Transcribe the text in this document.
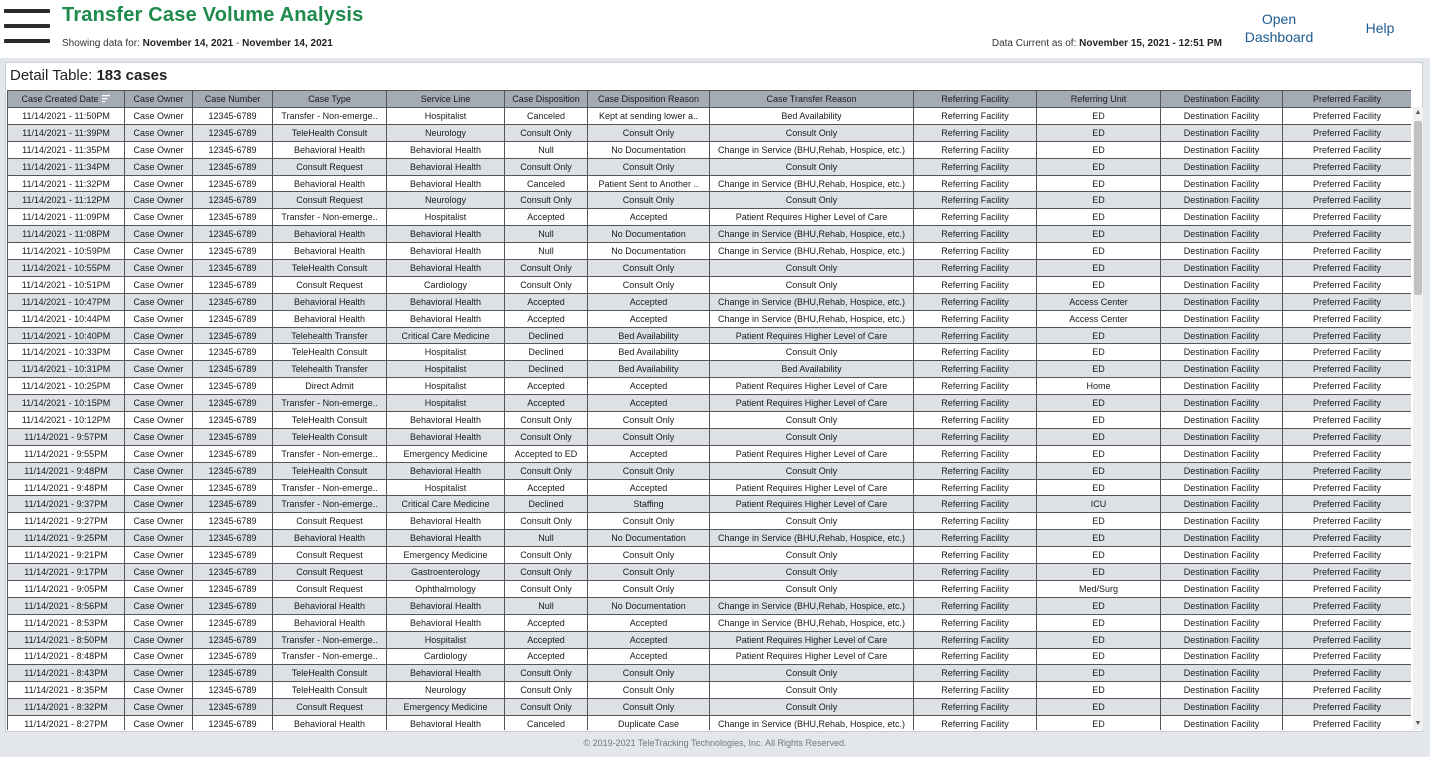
Transfer Case Volume Analysis
Showing data for: November 14, 2021 - November 14, 2021	Data Current as of: November 15, 2021 - 12:51 PM
Open
Dashboard
Help
Detail Table: 183 cases
Case Created Date	Case Owner	Case Number	Case Type	Service Line	Case Disposition	Case Disposition Reason	Case Transfer Reason	Referring Facility	Referring Unit	Destination Facility	Preferred Facility
11/14/2021 - 11:50PM	Case Owner	12345-6789	Transfer - Non-emerge..	Hospitalist	Canceled	Kept at sending lower a..	Bed Availability	Referring Facility	ED	Destination Facility	Preferred Facility
11/14/2021 - 11:39PM	Case Owner	12345-6789	TeleHealth Consult	Neurology	Consult Only	Consult Only	Consult Only	Referring Facility	ED	Destination Facility	Preferred Facility
11/14/2021 - 11:35PM	Case Owner	12345-6789	Behavioral Health	Behavioral Health	Null	No Documentation	Change in Service (BHU,Rehab, Hospice, etc.)	Referring Facility	ED	Destination Facility	Preferred Facility
11/14/2021 - 11:34PM	Case Owner	12345-6789	Consult Request	Behavioral Health	Consult Only	Consult Only	Consult Only	Referring Facility	ED	Destination Facility	Preferred Facility
11/14/2021 - 11:32PM	Case Owner	12345-6789	Behavioral Health	Behavioral Health	Canceled	Patient Sent to Another ..	Change in Service (BHU,Rehab, Hospice, etc.)	Referring Facility	ED	Destination Facility	Preferred Facility
11/14/2021 - 11:12PM	Case Owner	12345-6789	Consult Request	Neurology	Consult Only	Consult Only	Consult Only	Referring Facility	ED	Destination Facility	Preferred Facility
11/14/2021 - 11:09PM	Case Owner	12345-6789	Transfer - Non-emerge..	Hospitalist	Accepted	Accepted	Patient Requires Higher Level of Care	Referring Facility	ED	Destination Facility	Preferred Facility
11/14/2021 - 11:08PM	Case Owner	12345-6789	Behavioral Health	Behavioral Health	Null	No Documentation	Change in Service (BHU,Rehab, Hospice, etc.)	Referring Facility	ED	Destination Facility	Preferred Facility
11/14/2021 - 10:59PM	Case Owner	12345-6789	Behavioral Health	Behavioral Health	Null	No Documentation	Change in Service (BHU,Rehab, Hospice, etc.)	Referring Facility	ED	Destination Facility	Preferred Facility
11/14/2021 - 10:55PM	Case Owner	12345-6789	TeleHealth Consult	Behavioral Health	Consult Only	Consult Only	Consult Only	Referring Facility	ED	Destination Facility	Preferred Facility
11/14/2021 - 10:51PM	Case Owner	12345-6789	Consult Request	Cardiology	Consult Only	Consult Only	Consult Only	Referring Facility	ED	Destination Facility	Preferred Facility
11/14/2021 - 10:47PM	Case Owner	12345-6789	Behavioral Health	Behavioral Health	Accepted	Accepted	Change in Service (BHU,Rehab, Hospice, etc.)	Referring Facility	Access Center	Destination Facility	Preferred Facility
11/14/2021 - 10:44PM	Case Owner	12345-6789	Behavioral Health	Behavioral Health	Accepted	Accepted	Change in Service (BHU,Rehab, Hospice, etc.)	Referring Facility	Access Center	Destination Facility	Preferred Facility
11/14/2021 - 10:40PM	Case Owner	12345-6789	Telehealth Transfer	Critical Care Medicine	Declined	Bed Availability	Patient Requires Higher Level of Care	Referring Facility	ED	Destination Facility	Preferred Facility
11/14/2021 - 10:33PM	Case Owner	12345-6789	TeleHealth Consult	Hospitalist	Declined	Bed Availability	Consult Only	Referring Facility	ED	Destination Facility	Preferred Facility
11/14/2021 - 10:31PM	Case Owner	12345-6789	Telehealth Transfer	Hospitalist	Declined	Bed Availability	Bed Availability	Referring Facility	ED	Destination Facility	Preferred Facility
11/14/2021 - 10:25PM	Case Owner	12345-6789	Direct Admit	Hospitalist	Accepted	Accepted	Patient Requires Higher Level of Care	Referring Facility	Home	Destination Facility	Preferred Facility
11/14/2021 - 10:15PM	Case Owner	12345-6789	Transfer - Non-emerge..	Hospitalist	Accepted	Accepted	Patient Requires Higher Level of Care	Referring Facility	ED	Destination Facility	Preferred Facility
11/14/2021 - 10:12PM	Case Owner	12345-6789	TeleHealth Consult	Behavioral Health	Consult Only	Consult Only	Consult Only	Referring Facility	ED	Destination Facility	Preferred Facility
11/14/2021 - 9:57PM	Case Owner	12345-6789	TeleHealth Consult	Behavioral Health	Consult Only	Consult Only	Consult Only	Referring Facility	ED	Destination Facility	Preferred Facility
11/14/2021 - 9:55PM	Case Owner	12345-6789	Transfer - Non-emerge..	Emergency Medicine	Accepted to ED	Accepted	Patient Requires Higher Level of Care	Referring Facility	ED	Destination Facility	Preferred Facility
11/14/2021 - 9:48PM	Case Owner	12345-6789	TeleHealth Consult	Behavioral Health	Consult Only	Consult Only	Consult Only	Referring Facility	ED	Destination Facility	Preferred Facility
11/14/2021 - 9:48PM	Case Owner	12345-6789	Transfer - Non-emerge..	Hospitalist	Accepted	Accepted	Patient Requires Higher Level of Care	Referring Facility	ED	Destination Facility	Preferred Facility
11/14/2021 - 9:37PM	Case Owner	12345-6789	Transfer - Non-emerge..	Critical Care Medicine	Declined	Staffing	Patient Requires Higher Level of Care	Referring Facility	ICU	Destination Facility	Preferred Facility
11/14/2021 - 9:27PM	Case Owner	12345-6789	Consult Request	Behavioral Health	Consult Only	Consult Only	Consult Only	Referring Facility	ED	Destination Facility	Preferred Facility
11/14/2021 - 9:25PM	Case Owner	12345-6789	Behavioral Health	Behavioral Health	Null	No Documentation	Change in Service (BHU,Rehab, Hospice, etc.)	Referring Facility	ED	Destination Facility	Preferred Facility
11/14/2021 - 9:21PM	Case Owner	12345-6789	Consult Request	Emergency Medicine	Consult Only	Consult Only	Consult Only	Referring Facility	ED	Destination Facility	Preferred Facility
11/14/2021 - 9:17PM	Case Owner	12345-6789	Consult Request	Gastroenterology	Consult Only	Consult Only	Consult Only	Referring Facility	ED	Destination Facility	Preferred Facility
11/14/2021 - 9:05PM	Case Owner	12345-6789	Consult Request	Ophthalmology	Consult Only	Consult Only	Consult Only	Referring Facility	Med/Surg	Destination Facility	Preferred Facility
11/14/2021 - 8:56PM	Case Owner	12345-6789	Behavioral Health	Behavioral Health	Null	No Documentation	Change in Service (BHU,Rehab, Hospice, etc.)	Referring Facility	ED	Destination Facility	Preferred Facility
11/14/2021 - 8:53PM	Case Owner	12345-6789	Behavioral Health	Behavioral Health	Accepted	Accepted	Change in Service (BHU,Rehab, Hospice, etc.)	Referring Facility	ED	Destination Facility	Preferred Facility
11/14/2021 - 8:50PM	Case Owner	12345-6789	Transfer - Non-emerge..	Hospitalist	Accepted	Accepted	Patient Requires Higher Level of Care	Referring Facility	ED	Destination Facility	Preferred Facility
11/14/2021 - 8:48PM	Case Owner	12345-6789	Transfer - Non-emerge..	Cardiology	Accepted	Accepted	Patient Requires Higher Level of Care	Referring Facility	ED	Destination Facility	Preferred Facility
11/14/2021 - 8:43PM	Case Owner	12345-6789	TeleHealth Consult	Behavioral Health	Consult Only	Consult Only	Consult Only	Referring Facility	ED	Destination Facility	Preferred Facility
11/14/2021 - 8:35PM	Case Owner	12345-6789	TeleHealth Consult	Neurology	Consult Only	Consult Only	Consult Only	Referring Facility	ED	Destination Facility	Preferred Facility
11/14/2021 - 8:32PM	Case Owner	12345-6789	Consult Request	Emergency Medicine	Consult Only	Consult Only	Consult Only	Referring Facility	ED	Destination Facility	Preferred Facility
11/14/2021 - 8:27PM	Case Owner	12345-6789	Behavioral Health	Behavioral Health	Canceled	Duplicate Case	Change in Service (BHU,Rehab, Hospice, etc.)	Referring Facility	ED	Destination Facility	Preferred Facility
▲
▼
© 2019-2021 TeleTracking Technologies, Inc. All Rights Reserved.
